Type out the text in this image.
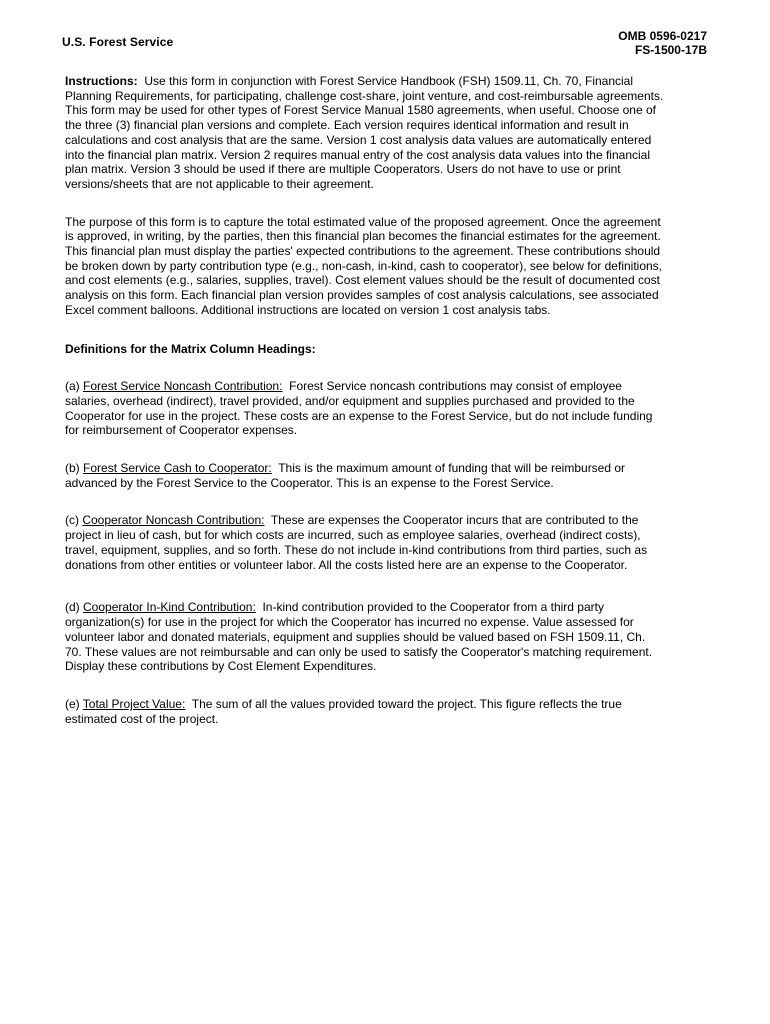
U.S. Forest Service	OMB 0596-0217
FS-1500-17B

Instructions: Use this form in conjunction with Forest Service Handbook (FSH) 1509.11, Ch. 70, Financial Planning Requirements, for participating, challenge cost-share, joint venture, and cost-reimbursable agreements. This form may be used for other types of Forest Service Manual 1580 agreements, when useful. Choose one of the three (3) financial plan versions and complete. Each version requires identical information and result in calculations and cost analysis that are the same. Version 1 cost analysis data values are automatically entered into the financial plan matrix. Version 2 requires manual entry of the cost analysis data values into the financial plan matrix. Version 3 should be used if there are multiple Cooperators. Users do not have to use or print versions/sheets that are not applicable to their agreement.

The purpose of this form is to capture the total estimated value of the proposed agreement. Once the agreement is approved, in writing, by the parties, then this financial plan becomes the financial estimates for the agreement. This financial plan must display the parties' expected contributions to the agreement. These contributions should be broken down by party contribution type (e.g., non-cash, in-kind, cash to cooperator), see below for definitions, and cost elements (e.g., salaries, supplies, travel). Cost element values should be the result of documented cost analysis on this form. Each financial plan version provides samples of cost analysis calculations, see associated Excel comment balloons. Additional instructions are located on version 1 cost analysis tabs.

Definitions for the Matrix Column Headings:

(a) Forest Service Noncash Contribution: Forest Service noncash contributions may consist of employee salaries, overhead (indirect), travel provided, and/or equipment and supplies purchased and provided to the Cooperator for use in the project. These costs are an expense to the Forest Service, but do not include funding for reimbursement of Cooperator expenses.

(b) Forest Service Cash to Cooperator: This is the maximum amount of funding that will be reimbursed or advanced by the Forest Service to the Cooperator. This is an expense to the Forest Service.

(c) Cooperator Noncash Contribution: These are expenses the Cooperator incurs that are contributed to the project in lieu of cash, but for which costs are incurred, such as employee salaries, overhead (indirect costs), travel, equipment, supplies, and so forth. These do not include in-kind contributions from third parties, such as donations from other entities or volunteer labor. All the costs listed here are an expense to the Cooperator.

(d) Cooperator In-Kind Contribution: In-kind contribution provided to the Cooperator from a third party organization(s) for use in the project for which the Cooperator has incurred no expense. Value assessed for volunteer labor and donated materials, equipment and supplies should be valued based on FSH 1509.11, Ch. 70. These values are not reimbursable and can only be used to satisfy the Cooperator's matching requirement. Display these contributions by Cost Element Expenditures.

(e) Total Project Value: The sum of all the values provided toward the project. This figure reflects the true estimated cost of the project.
